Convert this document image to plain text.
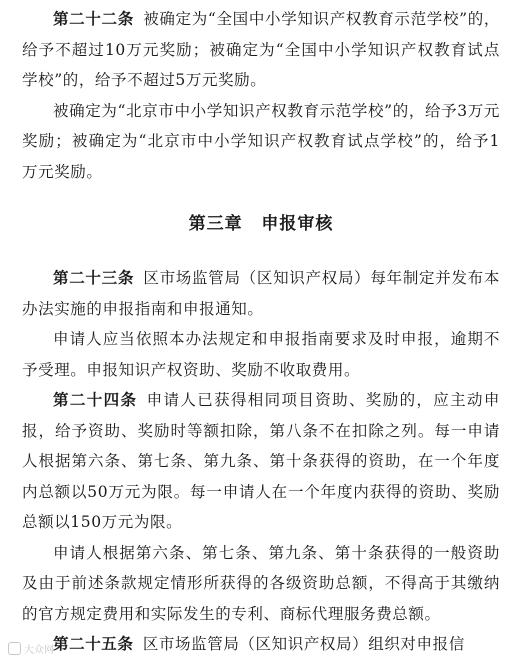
第二十二条 被确定为“全国中小学知识产权教育示范学校”的，给予不超过10万元奖励；被确定为“全国中小学知识产权教育试点学校”的，给予不超过5万元奖励。

被确定为“北京市中小学知识产权教育示范学校”的，给予3万元奖励；被确定为“北京市中小学知识产权教育试点学校”的，给予1万元奖励。

第三章 申报审核

第二十三条 区市场监管局（区知识产权局）每年制定并发布本办法实施的申报指南和申报通知。

申请人应当依照本办法规定和申报指南要求及时申报，逾期不予受理。申报知识产权资助、奖励不收取费用。

第二十四条 申请人已获得相同项目资助、奖励的，应主动申报，给予资助、奖励时等额扣除，第八条不在扣除之列。每一申请人根据第六条、第七条、第九条、第十条获得的资助，在一个年度内总额以50万元为限。每一申请人在一个年度内获得的资助、奖励总额以150万元为限。

申请人根据第六条、第七条、第九条、第十条获得的一般资助及由于前述条款规定情形所获得的各级资助总额，不得高于其缴纳的官方规定费用和实际发生的专利、商标代理服务费总额。

第二十五条 区市场监管局（区知识产权局）组织对申报信

大众网
